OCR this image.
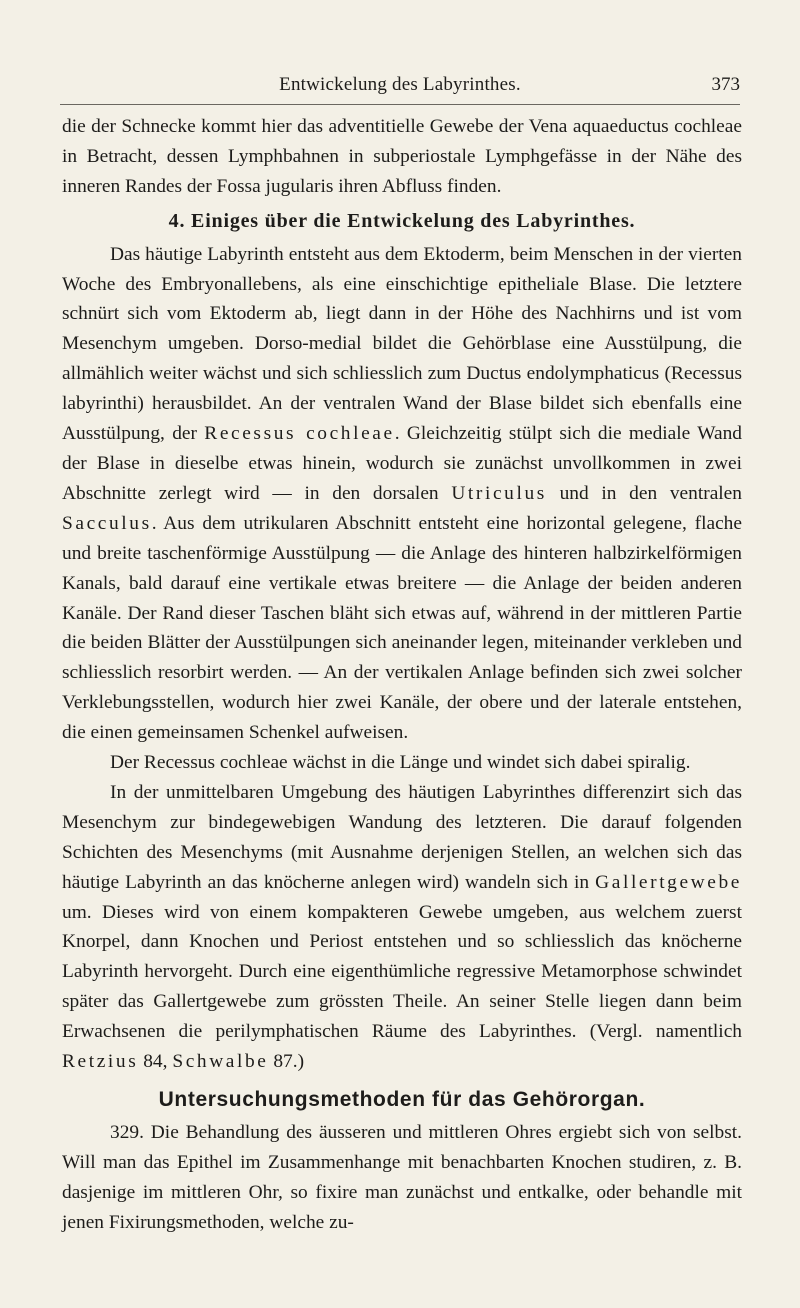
Entwickelung des Labyrinthes.	373

die der Schnecke kommt hier das adventitielle Gewebe der Vena aquaeductus cochleae in Betracht, dessen Lymphbahnen in subperiostale Lymphgefässe in der Nähe des inneren Randes der Fossa jugularis ihren Abfluss finden.

4. Einiges über die Entwickelung des Labyrinthes.

Das häutige Labyrinth entsteht aus dem Ektoderm, beim Menschen in der vierten Woche des Embryonallebens, als eine einschichtige epitheliale Blase. Die letztere schnürt sich vom Ektoderm ab, liegt dann in der Höhe des Nachhirns und ist vom Mesenchym umgeben. Dorso-medial bildet die Gehörblase eine Ausstülpung, die allmählich weiter wächst und sich schliesslich zum Ductus endolymphaticus (Recessus labyrinthi) herausbildet. An der ventralen Wand der Blase bildet sich ebenfalls eine Ausstülpung, der Recessus cochleae. Gleichzeitig stülpt sich die mediale Wand der Blase in dieselbe etwas hinein, wodurch sie zunächst unvollkommen in zwei Abschnitte zerlegt wird — in den dorsalen Utriculus und in den ventralen Sacculus. Aus dem utrikularen Abschnitt entsteht eine horizontal gelegene, flache und breite taschenförmige Ausstülpung — die Anlage des hinteren halbzirkelförmigen Kanals, bald darauf eine vertikale etwas breitere — die Anlage der beiden anderen Kanäle. Der Rand dieser Taschen bläht sich etwas auf, während in der mittleren Partie die beiden Blätter der Ausstülpungen sich aneinander legen, miteinander verkleben und schliesslich resorbirt werden. — An der vertikalen Anlage befinden sich zwei solcher Verklebungsstellen, wodurch hier zwei Kanäle, der obere und der laterale entstehen, die einen gemeinsamen Schenkel aufweisen.

Der Recessus cochleae wächst in die Länge und windet sich dabei spiralig.

In der unmittelbaren Umgebung des häutigen Labyrinthes differenzirt sich das Mesenchym zur bindegewebigen Wandung des letzteren. Die darauf folgenden Schichten des Mesenchyms (mit Ausnahme derjenigen Stellen, an welchen sich das häutige Labyrinth an das knöcherne anlegen wird) wandeln sich in Gallertgewebe um. Dieses wird von einem kompakteren Gewebe umgeben, aus welchem zuerst Knorpel, dann Knochen und Periost entstehen und so schliesslich das knöcherne Labyrinth hervorgeht. Durch eine eigenthümliche regressive Metamorphose schwindet später das Gallertgewebe zum grössten Theile. An seiner Stelle liegen dann beim Erwachsenen die perilymphatischen Räume des Labyrinthes. (Vergl. namentlich Retzius 84, Schwalbe 87.)

Untersuchungsmethoden für das Gehörorgan.

329. Die Behandlung des äusseren und mittleren Ohres ergiebt sich von selbst. Will man das Epithel im Zusammenhange mit benachbarten Knochen studiren, z. B. dasjenige im mittleren Ohr, so fixire man zunächst und entkalke, oder behandle mit jenen Fixirungsmethoden, welche zu-
